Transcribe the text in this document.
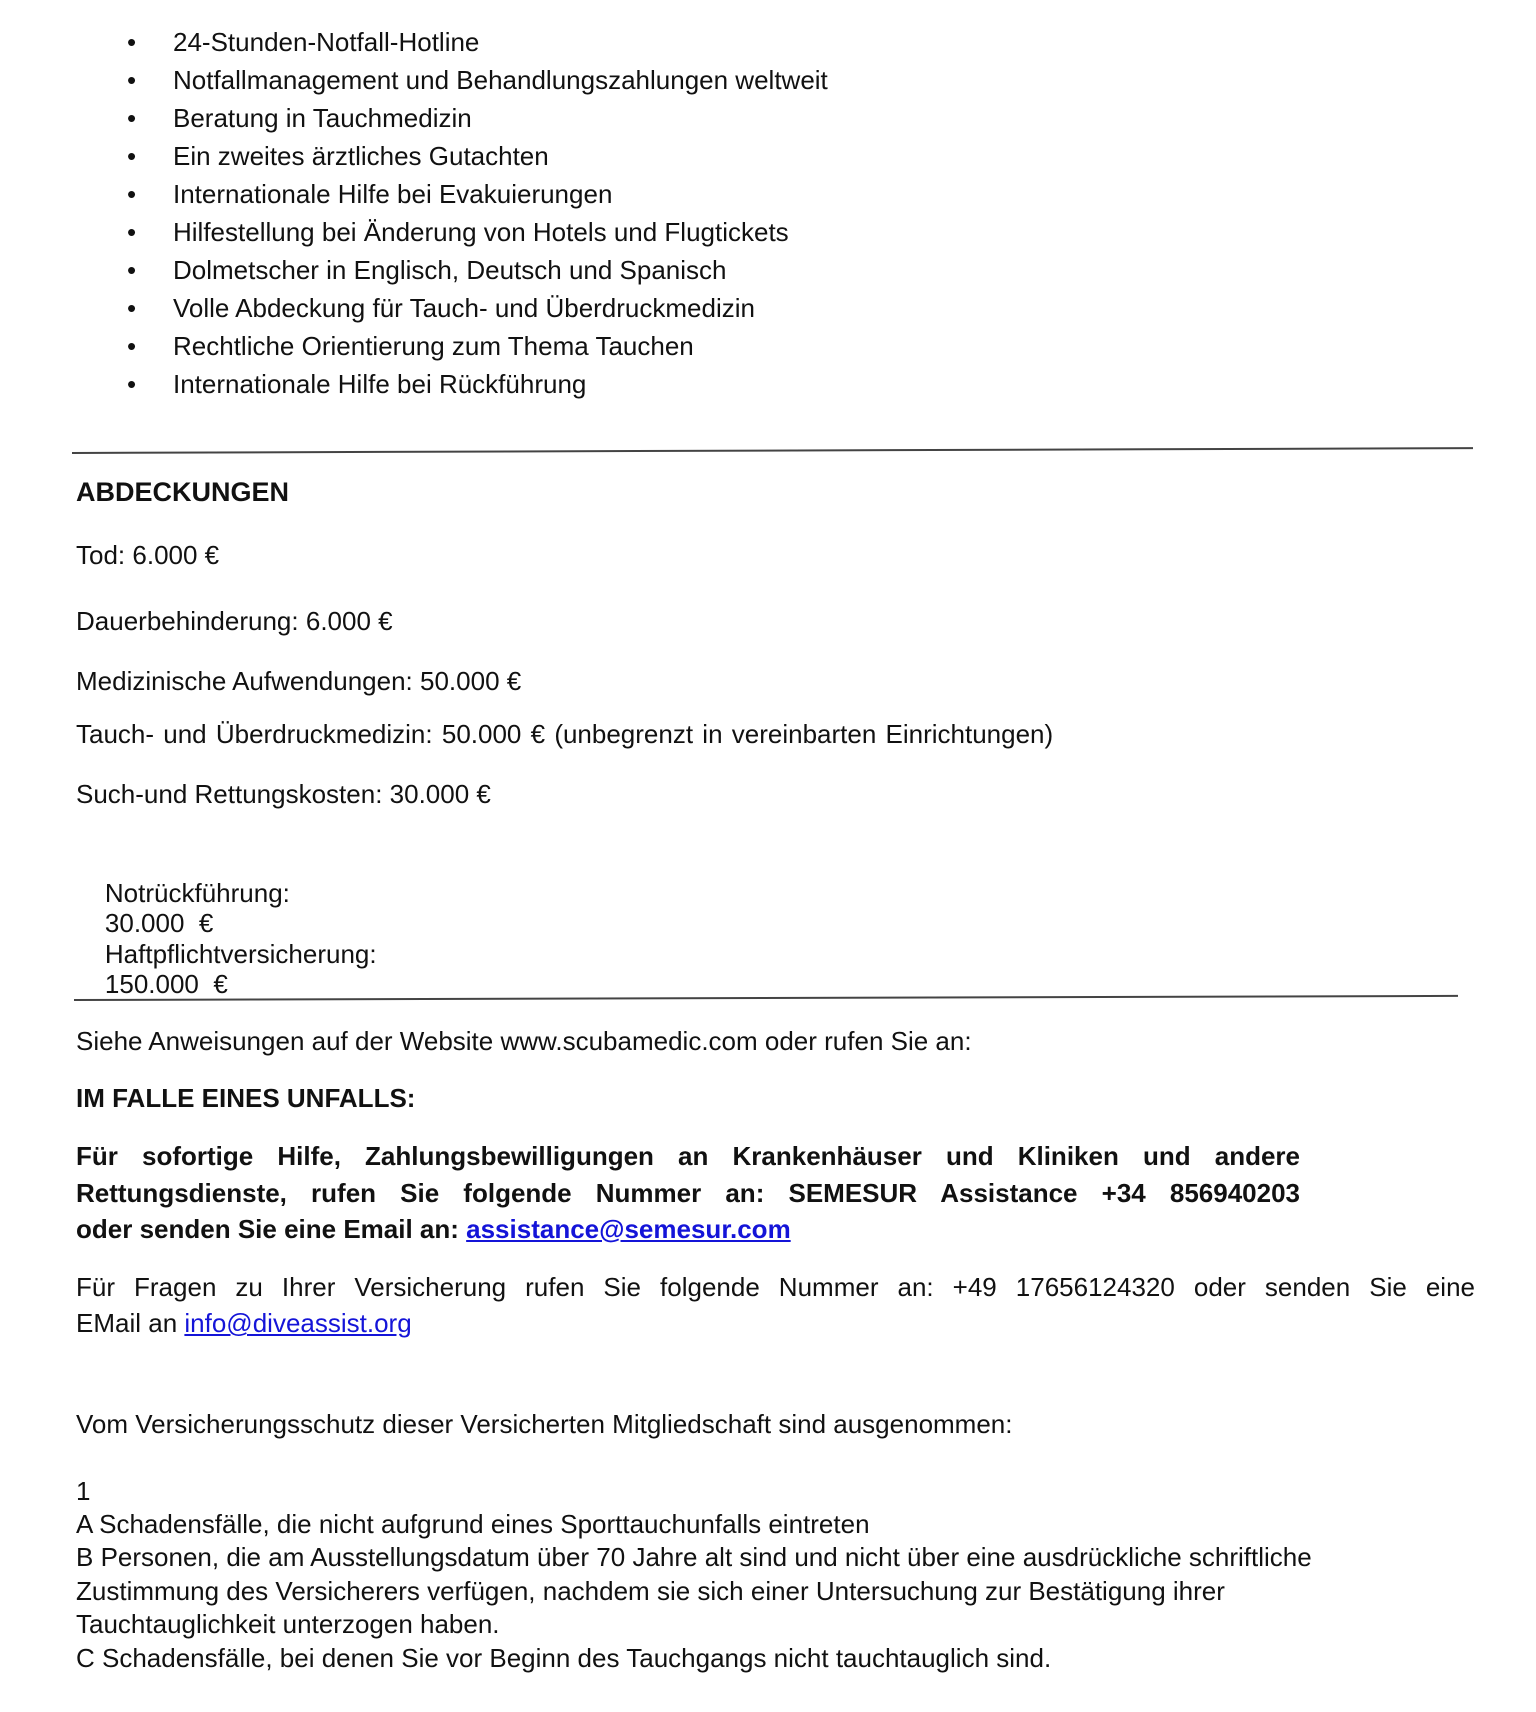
• 24-Stunden-Notfall-Hotline
• Notfallmanagement und Behandlungszahlungen weltweit
• Beratung in Tauchmedizin
• Ein zweites ärztliches Gutachten
• Internationale Hilfe bei Evakuierungen
• Hilfestellung bei Änderung von Hotels und Flugtickets
• Dolmetscher in Englisch, Deutsch und Spanisch
• Volle Abdeckung für Tauch- und Überdruckmedizin
• Rechtliche Orientierung zum Thema Tauchen
• Internationale Hilfe bei Rückführung
ABDECKUNGEN
Tod: 6.000 €
Dauerbehinderung: 6.000 €
Medizinische Aufwendungen: 50.000 €
Tauch- und Überdruckmedizin: 50.000 € (unbegrenzt in vereinbarten Einrichtungen)
Such-und Rettungskosten: 30.000 €

Notrückführung:
30.000  €

Haftpflichtversicherung:
150.000  €

Siehe Anweisungen auf der Website www.scubamedic.com oder rufen Sie an:
IM FALLE EINES UNFALLS:
Für sofortige Hilfe, Zahlungsbewilligungen an Krankenhäuser und Kliniken und andere
Rettungsdienste, rufen Sie folgende Nummer an: SEMESUR Assistance +34 856940203
oder senden Sie eine Email an: assistance@semesur.com
Für Fragen zu Ihrer Versicherung rufen Sie folgende Nummer an: +49 17656124320 oder senden Sie eine
EMail an info@diveassist.org
Vom Versicherungsschutz dieser Versicherten Mitgliedschaft sind ausgenommen:
1
A Schadensfälle, die nicht aufgrund eines Sporttauchunfalls eintreten
B Personen, die am Ausstellungsdatum über 70 Jahre alt sind und nicht über eine ausdrückliche schriftliche
Zustimmung des Versicherers verfügen, nachdem sie sich einer Untersuchung zur Bestätigung ihrer
Tauchtauglichkeit unterzogen haben.
C Schadensfälle, bei denen Sie vor Beginn des Tauchgangs nicht tauchtauglich sind.
